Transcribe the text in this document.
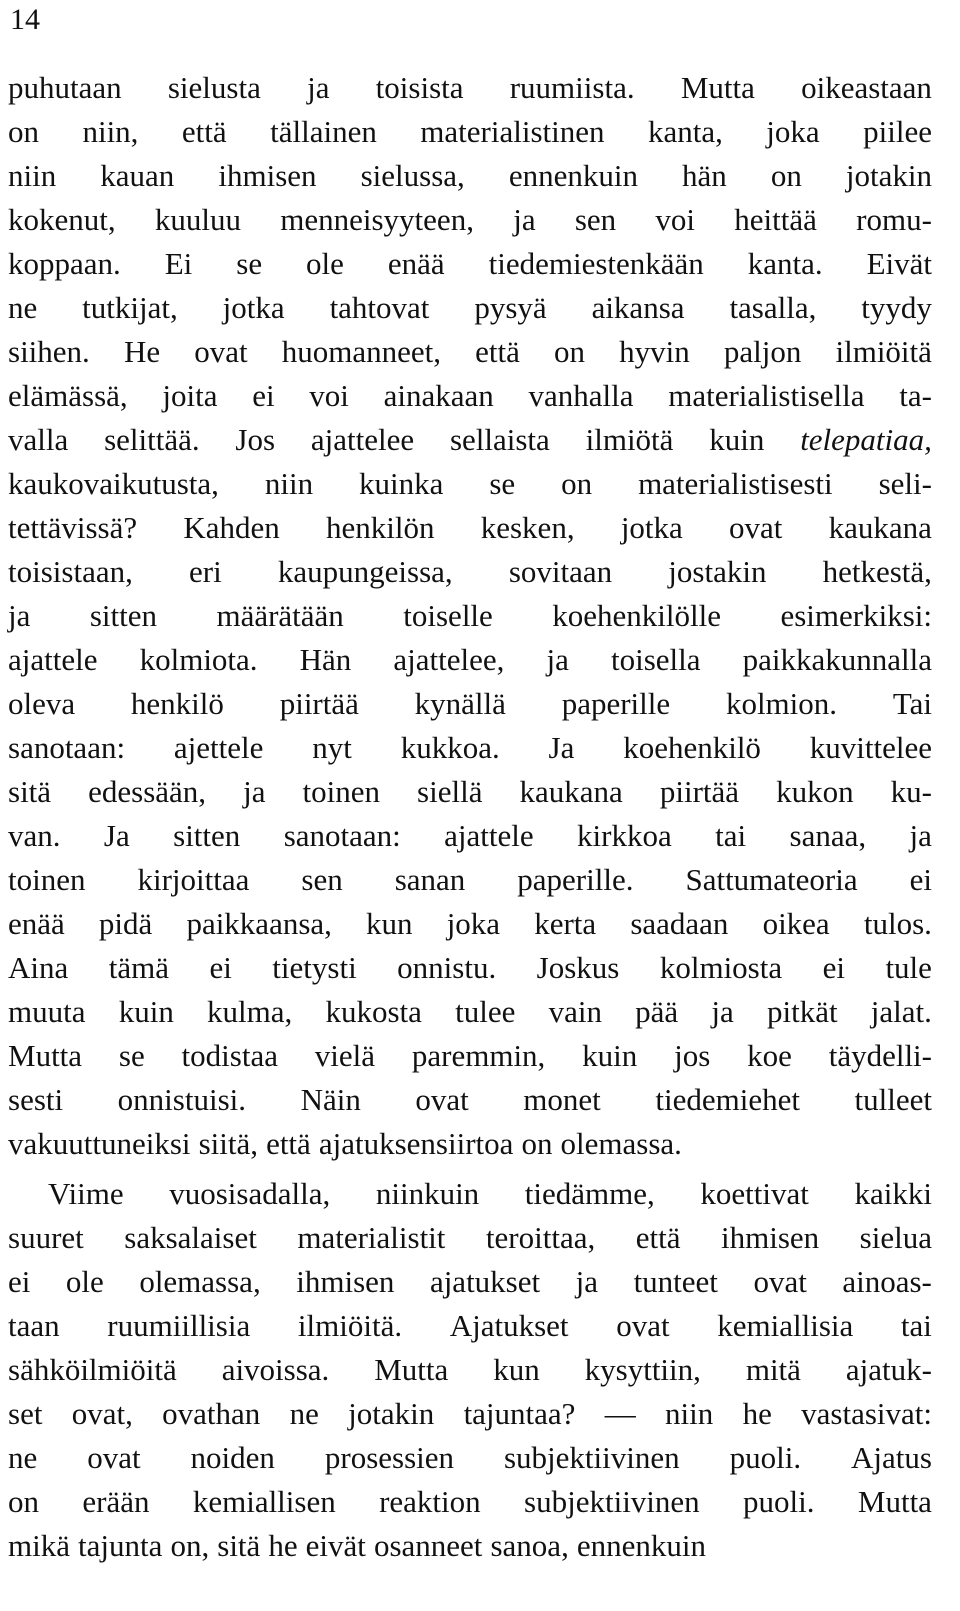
14
puhutaan sielusta ja toisista ruumiista. Mutta oikeastaan
on niin, että tällainen materialistinen kanta, joka piilee
niin kauan ihmisen sielussa, ennenkuin hän on jotakin
kokenut, kuuluu menneisyyteen, ja sen voi heittää romu-
koppaan. Ei se ole enää tiedemiestenkään kanta. Eivät
ne tutkijat, jotka tahtovat pysyä aikansa tasalla, tyydy
siihen. He ovat huomanneet, että on hyvin paljon ilmiöitä
elämässä, joita ei voi ainakaan vanhalla materialistisella ta-
valla selittää. Jos ajattelee sellaista ilmiötä kuin telepatiaa,
kaukovaikutusta, niin kuinka se on materialistisesti seli-
tettävissä? Kahden henkilön kesken, jotka ovat kaukana
toisistaan, eri kaupungeissa, sovitaan jostakin hetkestä,
ja sitten määrätään toiselle koehenkilölle esimerkiksi:
ajattele kolmiota. Hän ajattelee, ja toisella paikkakunnalla
oleva henkilö piirtää kynällä paperille kolmion. Tai
sanotaan: ajettele nyt kukkoa. Ja koehenkilö kuvittelee
sitä edessään, ja toinen siellä kaukana piirtää kukon ku-
van. Ja sitten sanotaan: ajattele kirkkoa tai sanaa, ja
toinen kirjoittaa sen sanan paperille. Sattumateoria ei
enää pidä paikkaansa, kun joka kerta saadaan oikea tulos.
Aina tämä ei tietysti onnistu. Joskus kolmiosta ei tule
muuta kuin kulma, kukosta tulee vain pää ja pitkät jalat.
Mutta se todistaa vielä paremmin, kuin jos koe täydelli-
sesti onnistuisi. Näin ovat monet tiedemiehet tulleet
vakuuttuneiksi siitä, että ajatuksensiirtoa on olemassa.
Viime vuosisadalla, niinkuin tiedämme, koettivat kaikki
suuret saksalaiset materialistit teroittaa, että ihmisen sielua
ei ole olemassa, ihmisen ajatukset ja tunteet ovat ainoas-
taan ruumiillisia ilmiöitä. Ajatukset ovat kemiallisia tai
sähköilmiöitä aivoissa. Mutta kun kysyttiin, mitä ajatuk-
set ovat, ovathan ne jotakin tajuntaa? — niin he vastasivat:
ne ovat noiden prosessien subjektiivinen puoli. Ajatus
on erään kemiallisen reaktion subjektiivinen puoli. Mutta
mikä tajunta on, sitä he eivät osanneet sanoa, ennenkuin
